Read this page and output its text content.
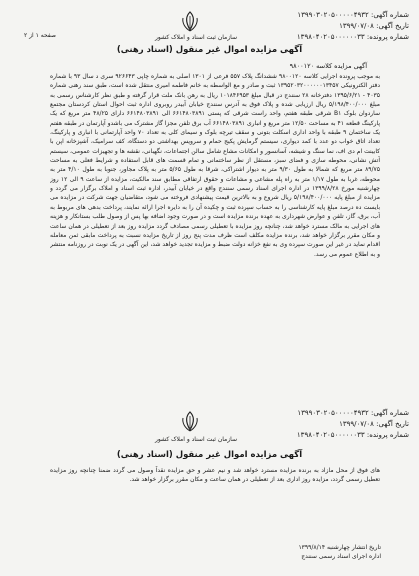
شماره آگهی: ۱۳۹۹۰۳۰۲۰۵۰۰۰۰۰۴۹۳۲
تاریخ آگهی: ۱۳۹۹/۰۷/۰۸
شماره پرونده: ۱۳۹۸۰۴۰۲۰۵۰۰۰۰۰۰۳۳
سازمان ثبت اسناد و املاک کشور
صفحه ۱ از ۲
آگهی مزایده اموال غیر منقول (اسناد رهنی)
آگهی مزایده کلاسه ۹۸۰۰۱۲۰
به موجب پرونده اجرایی کلاسه ۹۸۰۰۱۲۰ ششدانگ پلاک ۵۵۷ فرعی از ۱۳۰۱ اصلی به شماره چاپی ۹۲۶۶۴۳ سری د سال ۹۳ با شماره دفتر الکترونیکی ۱۳۹۵۲۰۳۲۰۰۰۰۰۰۱۳۴۵۷ ثبت و صادر و مع الواسطه به خانم فاطمه امیری منتقل شده است، طبق سند رهنی شماره ۴۰۳۵ - ۱۳۹۵/۶/۲۱ دفترخانه ۲۸ سنندج در قبال مبلغ ۱۰۱۸۴۶۹۵۳ ریال به رهن بانک ملت قرار گرفته و طبق نظر کارشناس رسمی به مبلغ ۵/۱۹۸/۴۰۰/۰۰۰ ریال ارزیابی شده و پلاک فوق به آدرس سنندج خیابان آبیدر روبروی اداره ثبت احوال استان کردستان مجتمع ساردوان بلوک B۱ شرقی طبقه هفتم، واحد راست شرقی که پستی ۶۶۱۴۸۰۳۸۹۱ الی ۶۶۱۴۸۰۳۸۹۱ دارای ۴۸/۲۵ متر مربع که یک پارکینگ قطعه ۴۱ به مساحت ۱۲/۵۰ متر مربع و انباری ۶۶۱۴۸۰۳۸۹۱ آب برق تلفن مجزا گاز مشترک می باشدو آپارتمان در طبقه هفتم یک ساختمان ۹ طبقه با واحد اداری اسکلت بتونی و سقف تیرچه بلوک و سیمای کلی به تعداد ۷۰ واحد آپارتمانی با انباری و پارکینگ، تعداد اتاق خواب دو عدد با کمد دیواری، سیستم گرمایش پکیج حمام و سرویس بهداشتی دو دستگاه، کف سرامیک، آشپزخانه اپن با کابینت ام دی اف، نما سنگ و شیشه، آسانسور و امکانات مشاع شامل سالن اجتماعات، نگهبانی، نقشه ها و تجهیزات عمومی، سیستم آتش نشانی، محوطه سازی و فضای سبز، مستقل از نظر ساختمانی و تمام قسمت های قابل استفاده و شرایط فعلی به مساحت ۸۹/۷۵ متر مربع که شمالا به طول ۹/۳۰ متر به دیوار اشتراکی، شرقا به طول ۵/۶۵ متر به پلاک مجاور، جنوبا به طول ۴/۱۰ متر به محوطه، غربا به طول ۱/۱۷ متر به راه پله مشاعی و مشاعات و حقوق ارتفاقی مطابق سند مالکیت، مزایده از ساعت ۹ الی ۱۲ روز چهارشنبه مورخ ۱۳۹۹/۸/۲۸ در اداره اجرای اسناد رسمی سنندج واقع در خیابان آبیدر، اداره ثبت اسناد و املاک برگزار می گردد و مزایده از مبلغ پایه ۵/۱۹۸/۴۰۰/۰۰۰ ریال شروع و به بالاترین قیمت پیشنهادی فروخته می شود، متقاضیان جهت شرکت در مزایده می بایست ده درصد مبلغ پایه کارشناسی را به حساب سپرده ثبت و چکیده آن را به دایره اجرا ارائه نمایند، پرداخت بدهی های مربوط به آب، برق، گاز، تلفن و عوارض شهرداری به عهده برنده مزایده است و در صورت وجود اضافه بها پس از وصول طلب بستانکار و هزینه های اجرایی به مالک مسترد خواهد شد، چنانچه روز مزایده با تعطیلی رسمی مصادف گردد مزایده روز بعد از تعطیلی در همان ساعت و مکان مقرر برگزار خواهد شد، برنده مزایده مکلف است ظرف مدت پنج روز از تاریخ مزایده نسبت به پرداخت مابقی ثمن معامله اقدام نماید در غیر این صورت سپرده وی به نفع خزانه دولت ضبط و مزایده تجدید خواهد شد، این آگهی در یک نوبت در روزنامه منتشر و به اطلاع عموم می رسد.
شماره آگهی: ۱۳۹۹۰۳۰۲۰۵۰۰۰۰۰۴۹۳۲
تاریخ آگهی: ۱۳۹۹/۰۷/۰۸
شماره پرونده: ۱۳۹۸۰۴۰۲۰۵۰۰۰۰۰۰۳۳
سازمان ثبت اسناد و املاک کشور
آگهی مزایده اموال غیر منقول (اسناد رهنی)
های فوق از محل مازاد به برنده مزایده مسترد خواهد شد و نیم عشر و حق مزایده نقداً وصول می گردد ضمنا چنانچه روز مزایده تعطیل رسمی گردد، مزایده روز اداری بعد از تعطیلی در همان ساعت و مکان مقرر برگزار خواهد شد.
تاریخ انتشار چهارشنبه ۱۳۹۹/۸/۱۴
اداره اجرای اسناد رسمی سنندج
